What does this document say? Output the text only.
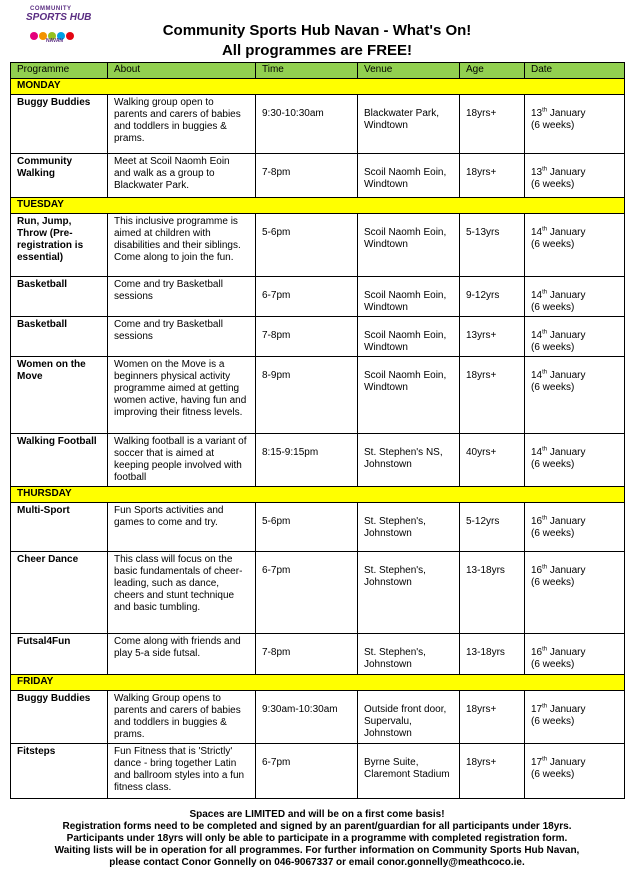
COMMUNITY
SPORTS HUB
NAVAN
Community Sports Hub Navan - What's On!
All programmes are FREE!
Programme	About	Time	Venue	Age	Date
MONDAY					
Buggy Buddies	Walking group open to parents and carers of babies and toddlers in buggies & prams.	9:30-10:30am	Blackwater Park, Windtown	18yrs+	13th January
(6 weeks)
Community Walking	Meet at Scoil Naomh Eoin and walk as a group to Blackwater Park.	7-8pm	Scoil Naomh Eoin, Windtown	18yrs+	13th January
(6 weeks)
TUESDAY					
Run, Jump, Throw (Pre-registration is essential)	This inclusive programme is aimed at children with disabilities and their siblings. Come along to join the fun.	5-6pm	Scoil Naomh Eoin, Windtown	5-13yrs	14th January
(6 weeks)
Basketball	Come and try Basketball sessions	6-7pm	Scoil Naomh Eoin, Windtown	9-12yrs	14th January
(6 weeks)
Basketball	Come and try Basketball sessions	7-8pm	Scoil Naomh Eoin, Windtown	13yrs+	14th January
(6 weeks)
Women on the Move	Women on the Move is a beginners physical activity programme aimed at getting women active, having fun and improving their fitness levels.	8-9pm	Scoil Naomh Eoin, Windtown	18yrs+	14th January
(6 weeks)
Walking Football	Walking football is a variant of soccer that is aimed at keeping people involved with football	8:15-9:15pm	St. Stephen's NS, Johnstown	40yrs+	14th January
(6 weeks)
THURSDAY					
Multi-Sport	Fun Sports activities and games to come and try.	5-6pm	St. Stephen's, Johnstown	5-12yrs	16th January
(6 weeks)
Cheer Dance	This class will focus on the basic fundamentals of cheer-leading, such as dance, cheers and stunt technique and basic tumbling.	6-7pm	St. Stephen's, Johnstown	13-18yrs	16th January
(6 weeks)
Futsal4Fun	Come along with friends and play 5-a side futsal.	7-8pm	St. Stephen's, Johnstown	13-18yrs	16th January
(6 weeks)
FRIDAY					
Buggy Buddies	Walking Group opens to parents and carers of babies and toddlers in buggies & prams.	9:30am-10:30am	Outside front door, Supervalu, Johnstown	18yrs+	17th January
(6 weeks)
Fitsteps	Fun Fitness that is 'Strictly' dance - bring together Latin and ballroom styles into a fun fitness class.	6-7pm	Byrne Suite, Claremont Stadium	18yrs+	17th January
(6 weeks)
Spaces are LIMITED and will be on a first come basis!
Registration forms need to be completed and signed by an parent/guardian for all participants under 18yrs.
Participants under 18yrs will only be able to participate in a programme with completed registration form.
Waiting lists will be in operation for all programmes. For further information on Community Sports Hub Navan,
please contact Conor Gonnelly on 046-9067337 or email conor.gonnelly@meathcoco.ie.
